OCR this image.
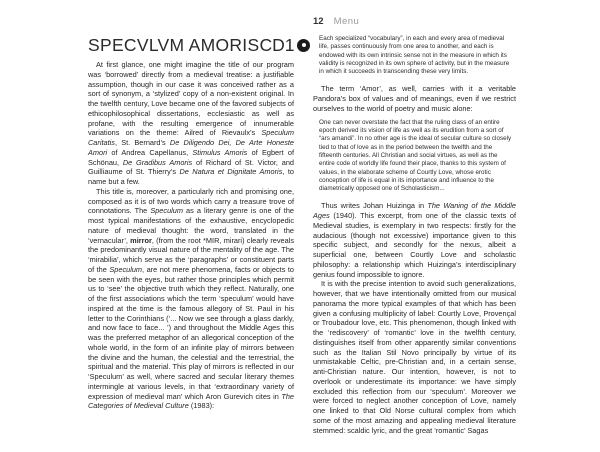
SPECVLVM AMORIS CD1

At first glance, one might imagine the title of our program was ‘borrowed’ directly from a medieval treatise: a justifiable assumption, though in our case it was conceived rather as a sort of synonym, a ‘stylized’ copy of a non-existent original. In the twelfth century, Love became one of the favored subjects of ethicophilosophical dissertations, ecclesiastic as well as profane, with the resulting emergence of innumerable variations on the theme: Ailred of Rievaulx’s Speculum Caritatis, St. Bernard’s De Diligendo Dei, De Arte Honeste Amori of Andrea Capellanus, Stimulus Amoris of Egbert of Schönau, De Gradibus Amoris of Richard of St. Victor, and Guilliaume of St. Thierry’s De Natura et Dignitate Amoris, to name but a few.

This title is, moreover, a particularly rich and promising one, composed as it is of two words which carry a treasure trove of connotations. The Speculum as a literary genre is one of the most typical manifestations of the exhaustive, encyclopedic nature of medieval thought: the word, translated in the ‘vernacular’, mirror, (from the root *MIR, mirari) clearly reveals the predominantly visual nature of the mentality of the age. The ‘mirabilia’, which serve as the ‘paragraphs’ or constituent parts of the Speculum, are not mere phenomena, facts or objects to be seen with the eyes, but rather those principles which permit us to ‘see’ the objective truth which they reflect. Naturally, one of the first associations which the term ‘speculum’ would have inspired at the time is the famous allegory of St. Paul in his letter to the Corinthians (‘... Now we see through a glass darkly, and now face to face... ’) and throughout the Middle Ages this was the preferred metaphor of an allegorical conception of the whole world, in the form of an infinite play of mirrors between the divine and the human, the celestial and the terrestrial, the spiritual and the material. This play of mirrors is reflected in our ‘Speculum’ as well, where sacred and secular literary themes intermingle at various levels, in that ‘extraordinary variety of expression of medieval man’ which Aron Gurevich cites in The Categories of Medieval Culture (1983):

12 Menu

Each specialized “vocabulary”, in each and every area of medieval life, passes continuously from one area to another, and each is endowed with its own intrinsic sense not in the measure in which its validity is recognized in its own sphere of activity, but in the measure in which it succeeds in transcending these very limits.

The term ‘Amor’, as well, carries with it a veritable Pandora’s box of values and of meanings, even if we restrict ourselves to the world of poetry and music alone:

One can never overstate the fact that the ruling class of an entire epoch derived its vision of life as well as its erudition from a sort of “ars amandi”. In no other age is the ideal of secular culture so closely tied to that of love as in the period between the twelfth and the fifteenth centuries. All Christian and social virtues, as well as the entire code of worldly life found their place, thanks to this system of values, in the elaborate scheme of Courtly Love, whose erotic conception of life is equal in its importance and influence to the diametrically opposed one of Scholasticism...

Thus writes Johan Huizinga in The Waning of the Middle Ages (1940). This excerpt, from one of the classic texts of Medieval studies, is exemplary in two respects: firstly for the audacious (though not excessive) importance given to this specific subject, and secondly for the nexus, albeit a superficial one, between Courtly Love and scholastic philosophy: a relationship which Huizinga’s interdisciplinary genius found impossible to ignore.

It is with the precise intention to avoid such generalizations, however, that we have intentionally omitted from our musical panorama the more typical examples of that which has been given a confusing multiplicity of label: Courtly Love, Provençal or Troubadour love, etc. This phenomenon, though linked with the ‘rediscovery’ of ‘romantic’ love in the twelfth century, distinguishes itself from other apparently similar conventions such as the Italian Stil Novo principally by virtue of its unmistakable Celtic, pre-Christian and, in a certain sense, anti-Christian nature. Our intention, however, is not to overlook or underestimate its importance: we have simply excluded this reflection from our ‘speculum’. Moreover we were forced to neglect another conception of Love, namely one linked to that Old Norse cultural complex from which some of the most amazing and appealing medieval literature stemmed: scaldic lyric, and the great ‘romantic’ Sagas
